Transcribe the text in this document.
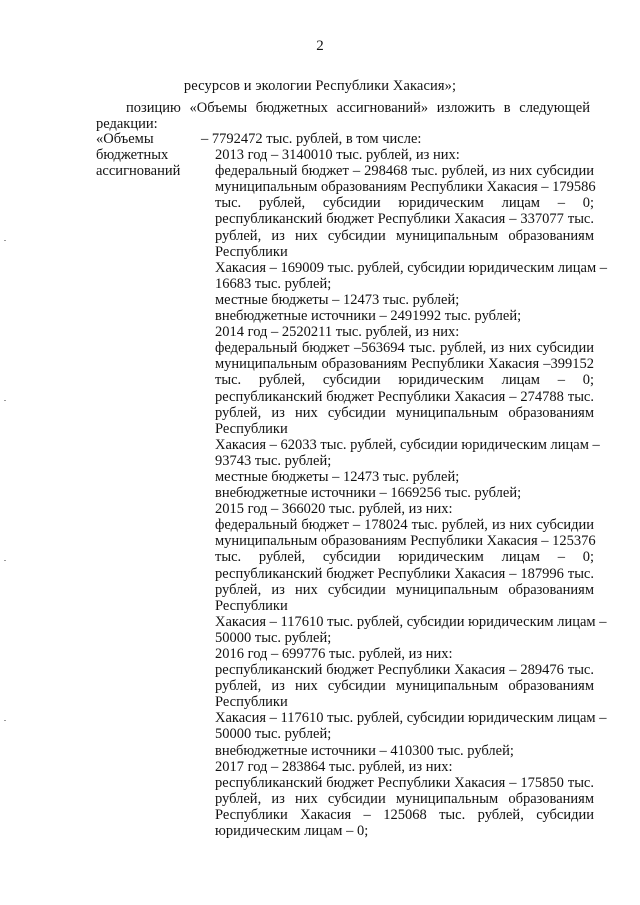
2
ресурсов и экологии Республики Хакасия»;
позицию «Объемы бюджетных ассигнований» изложить в следующей
редакции:
«Объемы
бюджетных
ассигнований
– 7792472 тыс. рублей, в том числе:
2013 год – 3140010 тыс. рублей, из них:
федеральный бюджет – 298468 тыс. рублей, из них субсидии
муниципальным образованиям Республики Хакасия – 179586
тыс. рублей, субсидии юридическим лицам – 0;
республиканский бюджет Республики Хакасия – 337077 тыс.
рублей, из них субсидии муниципальным образованиям
Республики
Хакасия – 169009 тыс. рублей, субсидии юридическим лицам –
16683 тыс. рублей;
местные бюджеты – 12473 тыс. рублей;
внебюджетные источники – 2491992 тыс. рублей;
2014 год – 2520211 тыс. рублей, из них:
федеральный бюджет –563694 тыс. рублей, из них субсидии
муниципальным образованиям Республики Хакасия –399152
тыс. рублей, субсидии юридическим лицам – 0;
республиканский бюджет Республики Хакасия – 274788 тыс.
рублей, из них субсидии муниципальным образованиям
Республики
Хакасия – 62033 тыс. рублей, субсидии юридическим лицам –
93743 тыс. рублей;
местные бюджеты – 12473 тыс. рублей;
внебюджетные источники – 1669256 тыс. рублей;
2015 год – 366020 тыс. рублей, из них:
федеральный бюджет – 178024 тыс. рублей, из них субсидии
муниципальным образованиям Республики Хакасия – 125376
тыс. рублей, субсидии юридическим лицам – 0;
республиканский бюджет Республики Хакасия – 187996 тыс.
рублей, из них субсидии муниципальным образованиям
Республики
Хакасия – 117610 тыс. рублей, субсидии юридическим лицам –
50000 тыс. рублей;
2016 год – 699776 тыс. рублей, из них:
республиканский бюджет Республики Хакасия – 289476 тыс.
рублей, из них субсидии муниципальным образованиям
Республики
Хакасия – 117610 тыс. рублей, субсидии юридическим лицам –
50000 тыс. рублей;
внебюджетные источники – 410300 тыс. рублей;
2017 год – 283864 тыс. рублей, из них:
республиканский бюджет Республики Хакасия – 175850 тыс.
рублей, из них субсидии муниципальным образованиям
Республики Хакасия – 125068 тыс. рублей, субсидии
юридическим лицам – 0;
